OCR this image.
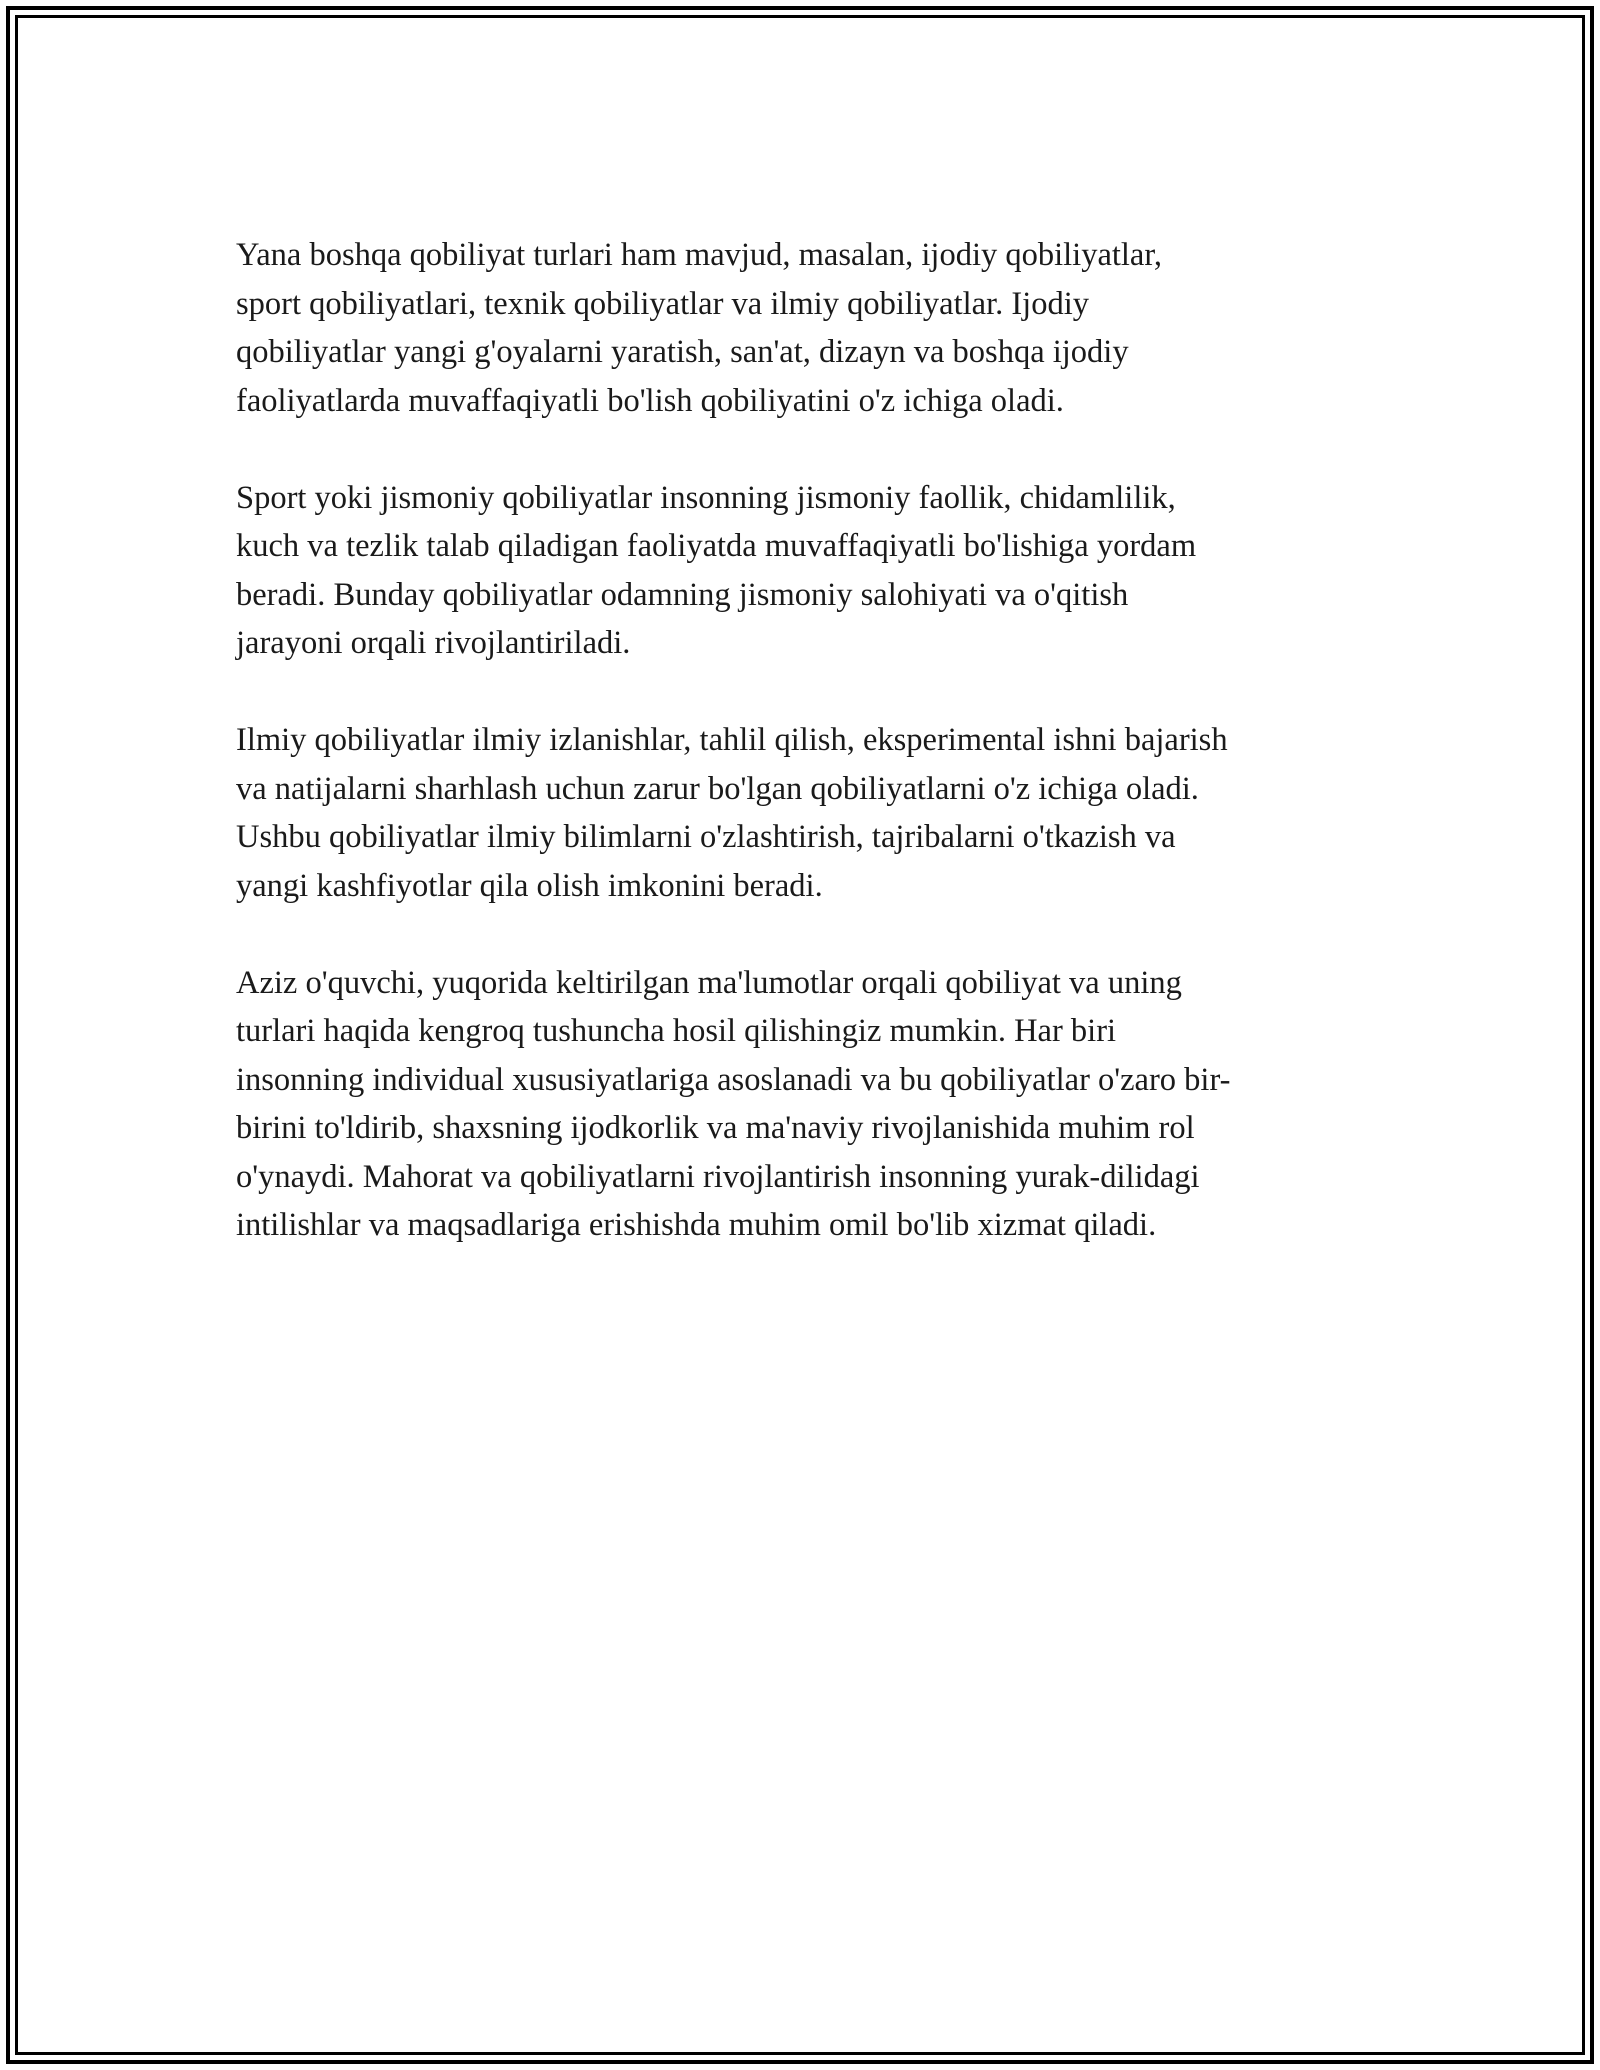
Yana boshqa qobiliyat turlari ham mavjud, masalan, ijodiy qobiliyatlar,
sport qobiliyatlari, texnik qobiliyatlar va ilmiy qobiliyatlar. Ijodiy
qobiliyatlar yangi g'oyalarni yaratish, san'at, dizayn va boshqa ijodiy
faoliyatlarda muvaffaqiyatli bo'lish qobiliyatini o'z ichiga oladi.

Sport yoki jismoniy qobiliyatlar insonning jismoniy faollik, chidamlilik,
kuch va tezlik talab qiladigan faoliyatda muvaffaqiyatli bo'lishiga yordam
beradi. Bunday qobiliyatlar odamning jismoniy salohiyati va o'qitish
jarayoni orqali rivojlantiriladi.

Ilmiy qobiliyatlar ilmiy izlanishlar, tahlil qilish, eksperimental ishni bajarish
va natijalarni sharhlash uchun zarur bo'lgan qobiliyatlarni o'z ichiga oladi.
Ushbu qobiliyatlar ilmiy bilimlarni o'zlashtirish, tajribalarni o'tkazish va
yangi kashfiyotlar qila olish imkonini beradi.

Aziz o'quvchi, yuqorida keltirilgan ma'lumotlar orqali qobiliyat va uning
turlari haqida kengroq tushuncha hosil qilishingiz mumkin. Har biri
insonning individual xususiyatlariga asoslanadi va bu qobiliyatlar o'zaro bir-
birini to'ldirib, shaxsning ijodkorlik va ma'naviy rivojlanishida muhim rol
o'ynaydi. Mahorat va qobiliyatlarni rivojlantirish insonning yurak-dilidagi
intilishlar va maqsadlariga erishishda muhim omil bo'lib xizmat qiladi.
